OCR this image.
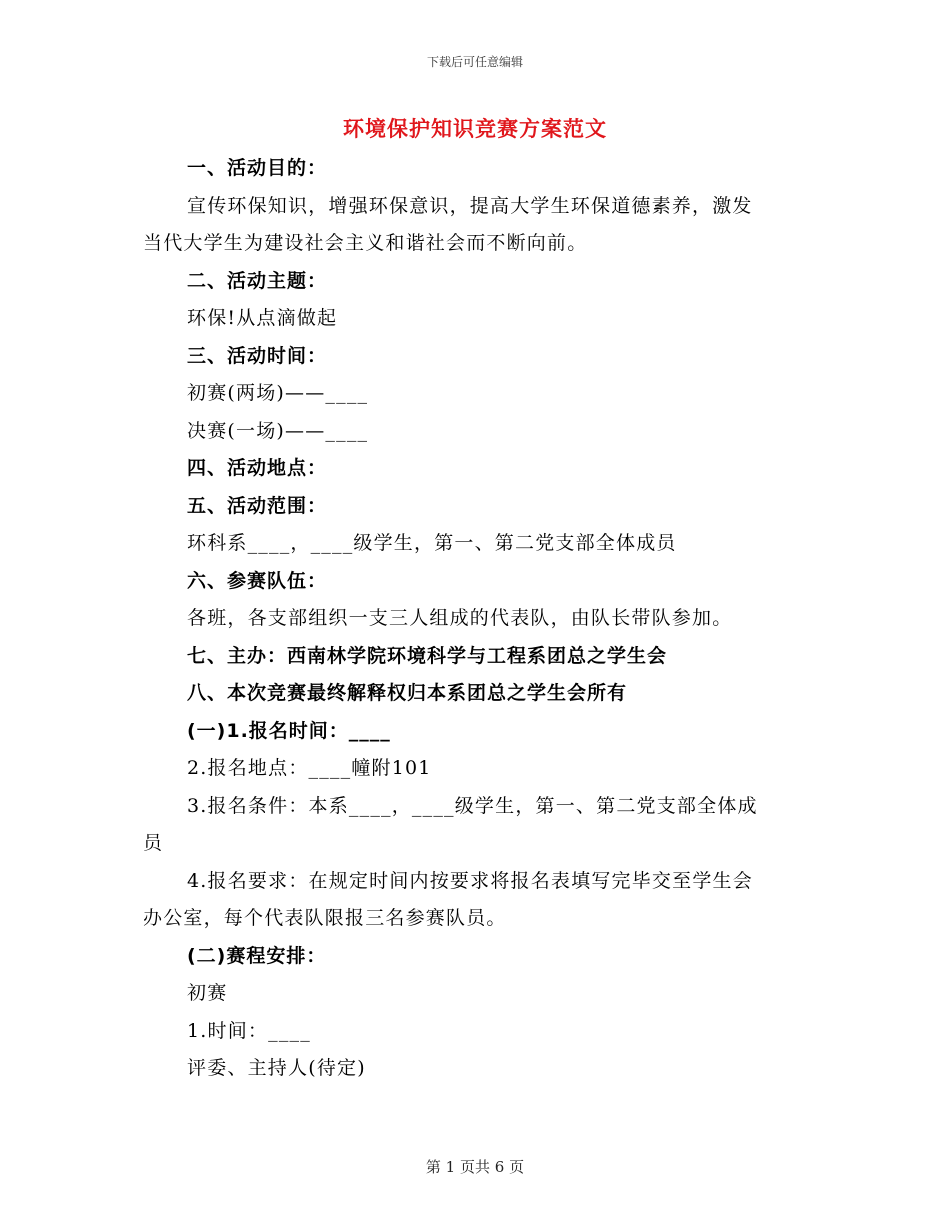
下载后可任意编辑
环境保护知识竞赛方案范文
一、活动目的：
宣传环保知识，增强环保意识，提高大学生环保道德素养，激发
当代大学生为建设社会主义和谐社会而不断向前。
二、活动主题：
环保!从点滴做起
三、活动时间：
初赛(两场)——____
决赛(一场)——____
四、活动地点：
五、活动范围：
环科系____，____级学生，第一、第二党支部全体成员
六、参赛队伍：
各班，各支部组织一支三人组成的代表队，由队长带队参加。
七、主办：西南林学院环境科学与工程系团总之学生会
八、本次竞赛最终解释权归本系团总之学生会所有
(一)1.报名时间：____
2.报名地点：____幢附101
3.报名条件：本系____，____级学生，第一、第二党支部全体成
员
4.报名要求：在规定时间内按要求将报名表填写完毕交至学生会
办公室，每个代表队限报三名参赛队员。
(二)赛程安排：
初赛
1.时间：____
评委、主持人(待定)
第 1 页共 6 页
